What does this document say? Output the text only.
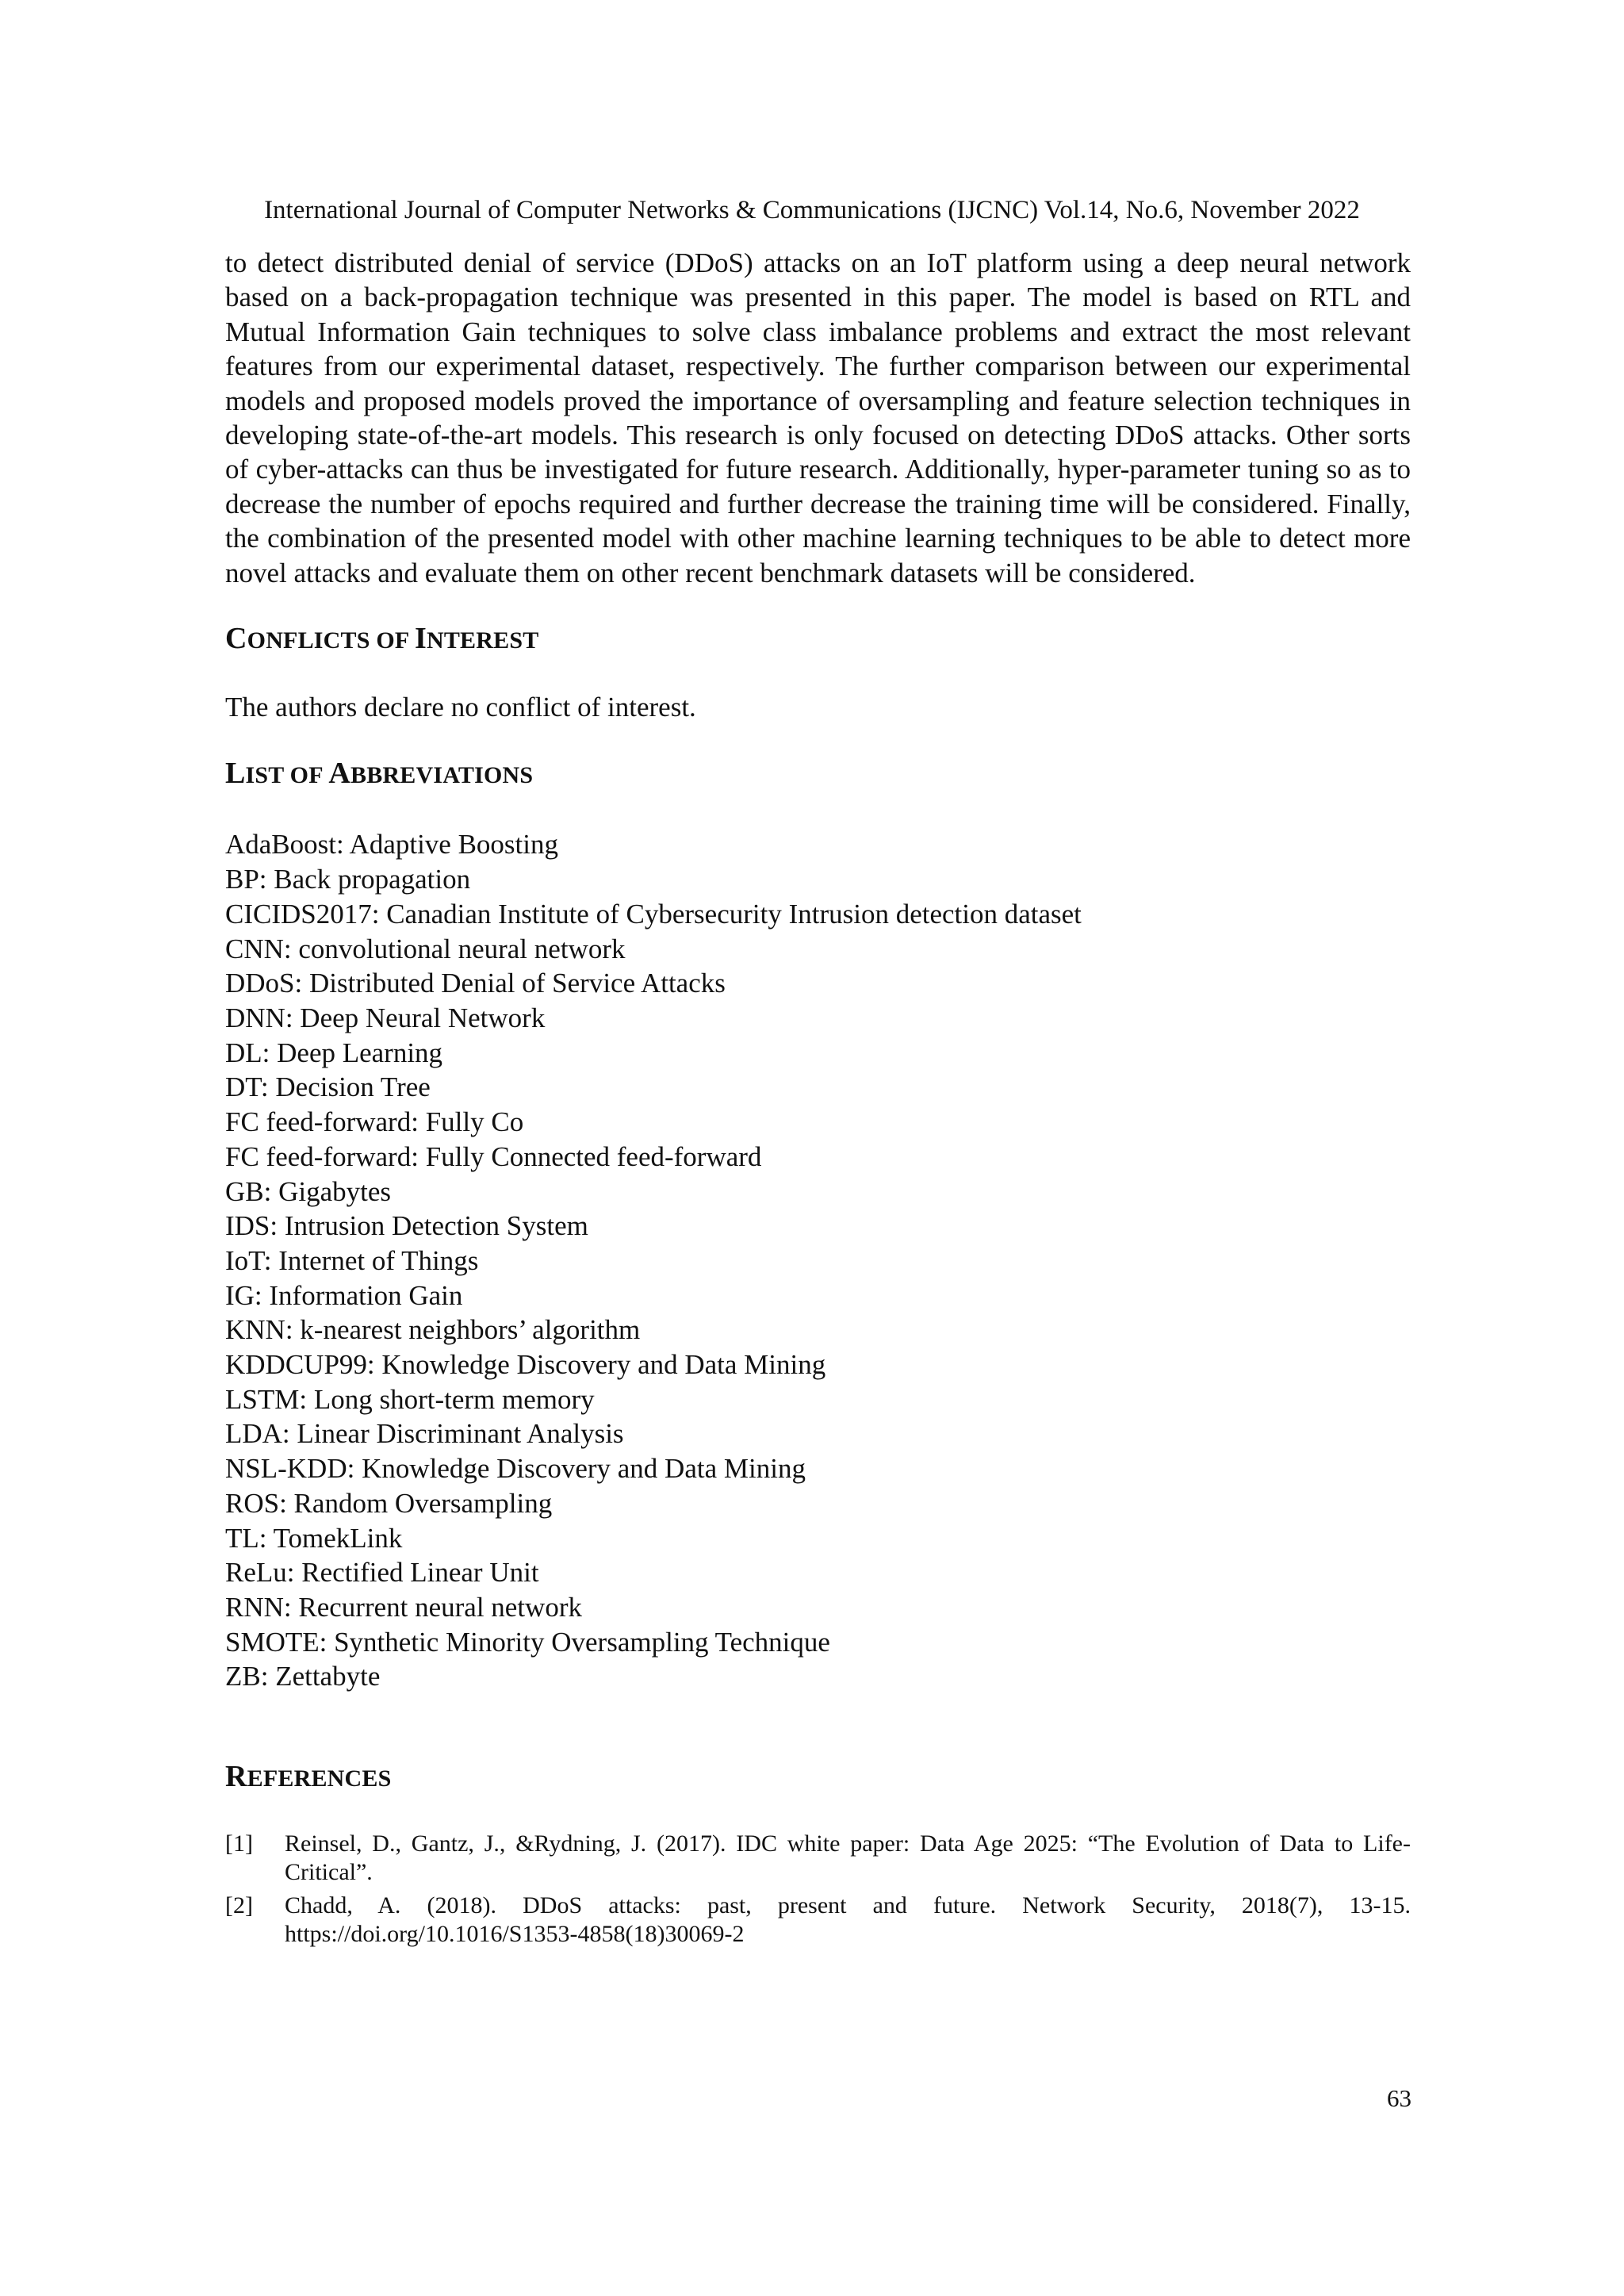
International Journal of Computer Networks & Communications (IJCNC) Vol.14, No.6, November 2022

to detect distributed denial of service (DDoS) attacks on an IoT platform using a deep neural network based on a back-propagation technique was presented in this paper. The model is based on RTL and Mutual Information Gain techniques to solve class imbalance problems and extract the most relevant features from our experimental dataset, respectively. The further comparison between our experimental models and proposed models proved the importance of oversampling and feature selection techniques in developing state-of-the-art models. This research is only focused on detecting DDoS attacks. Other sorts of cyber-attacks can thus be investigated for future research. Additionally, hyper-parameter tuning so as to decrease the number of epochs required and further decrease the training time will be considered. Finally, the combination of the presented model with other machine learning techniques to be able to detect more novel attacks and evaluate them on other recent benchmark datasets will be considered.

CONFLICTS OF INTEREST

The authors declare no conflict of interest.

LIST OF ABBREVIATIONS
AdaBoost: Adaptive Boosting
BP: Back propagation
CICIDS2017: Canadian Institute of Cybersecurity Intrusion detection dataset
CNN: convolutional neural network
DDoS: Distributed Denial of Service Attacks
DNN: Deep Neural Network
DL: Deep Learning
DT: Decision Tree
FC feed-forward: Fully Co
FC feed-forward: Fully Connected feed-forward
GB: Gigabytes
IDS: Intrusion Detection System
IoT: Internet of Things
IG: Information Gain
KNN: k-nearest neighbors’ algorithm
KDDCUP99: Knowledge Discovery and Data Mining
LSTM: Long short-term memory
LDA: Linear Discriminant Analysis
NSL-KDD: Knowledge Discovery and Data Mining
ROS: Random Oversampling
TL: TomekLink
ReLu: Rectified Linear Unit
RNN: Recurrent neural network
SMOTE: Synthetic Minority Oversampling Technique
ZB: Zettabyte
REFERENCES
[1]	Reinsel, D., Gantz, J., &Rydning, J. (2017). IDC white paper: Data Age 2025: “The Evolution of Data to Life-Critical”.
[2]	Chadd, A. (2018). DDoS attacks: past, present and future. Network Security, 2018(7), 13-15. https://doi.org/10.1016/S1353-4858(18)30069-2
63
